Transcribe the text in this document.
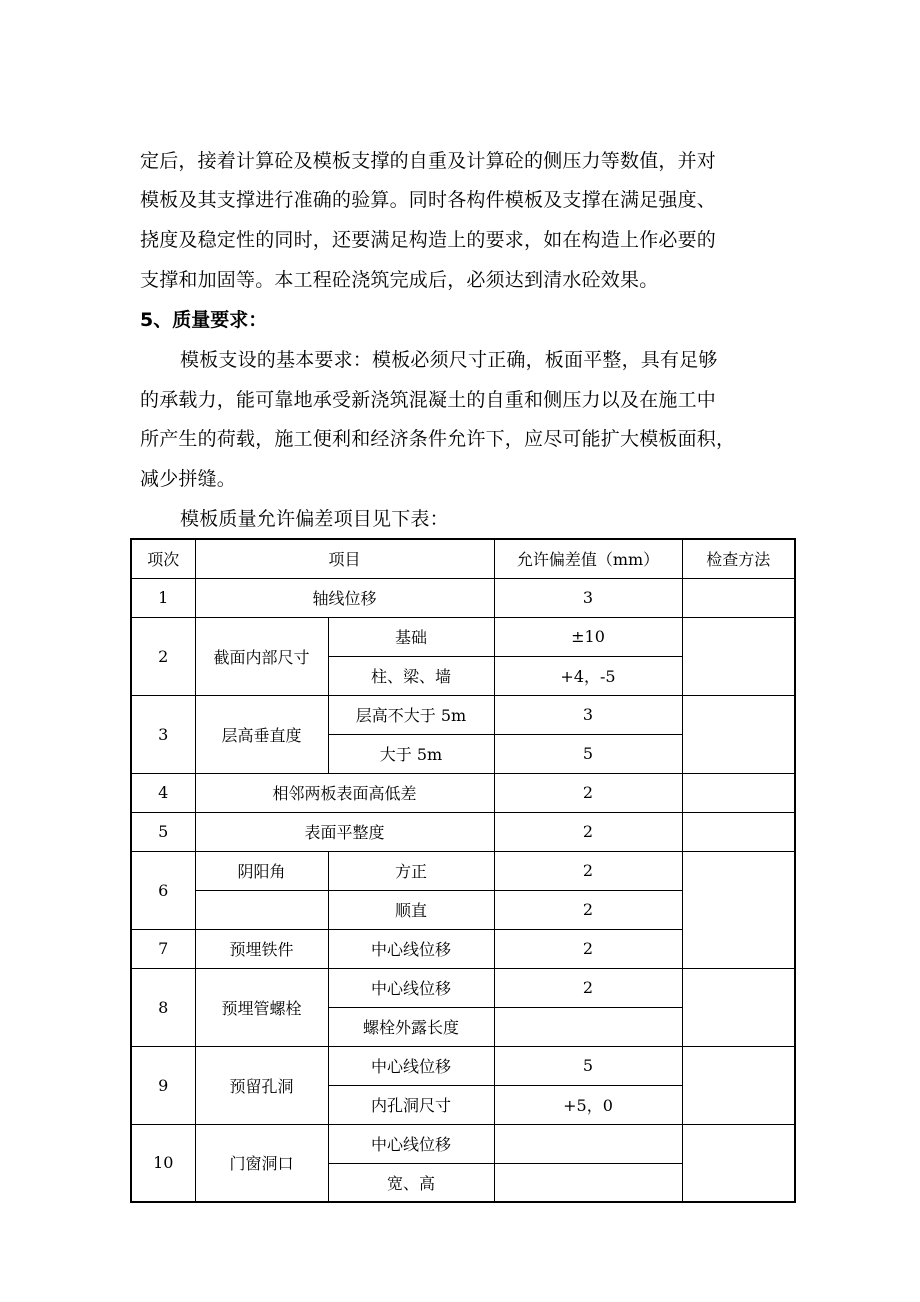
定后，接着计算砼及模板支撑的自重及计算砼的侧压力等数值，并对
模板及其支撑进行准确的验算。同时各构件模板及支撑在满足强度、
挠度及稳定性的同时，还要满足构造上的要求，如在构造上作必要的
支撑和加固等。本工程砼浇筑完成后，必须达到清水砼效果。
5、质量要求：
模板支设的基本要求：模板必须尺寸正确，板面平整，具有足够
的承载力，能可靠地承受新浇筑混凝土的自重和侧压力以及在施工中
所产生的荷载，施工便利和经济条件允许下，应尽可能扩大模板面积，
减少拼缝。
模板质量允许偏差项目见下表：
项次	项目		允许偏差值（mm）	检查方法
1	轴线位移		3	
2	截面内部尺寸	基础	±10	
		柱、梁、墙	+4，-5	
3	层高垂直度	层高不大于 5m	3	
		大于 5m	5	
4	相邻两板表面高低差		2	
5	表面平整度		2	
6	阴阳角	方正	2	
		顺直	2	
7	预埋铁件	中心线位移	2	
8	预埋管螺栓	中心线位移	2	
		螺栓外露长度		
9	预留孔洞	中心线位移	5	
		内孔洞尺寸	+5，0	
10	门窗洞口	中心线位移		
		宽、高		
